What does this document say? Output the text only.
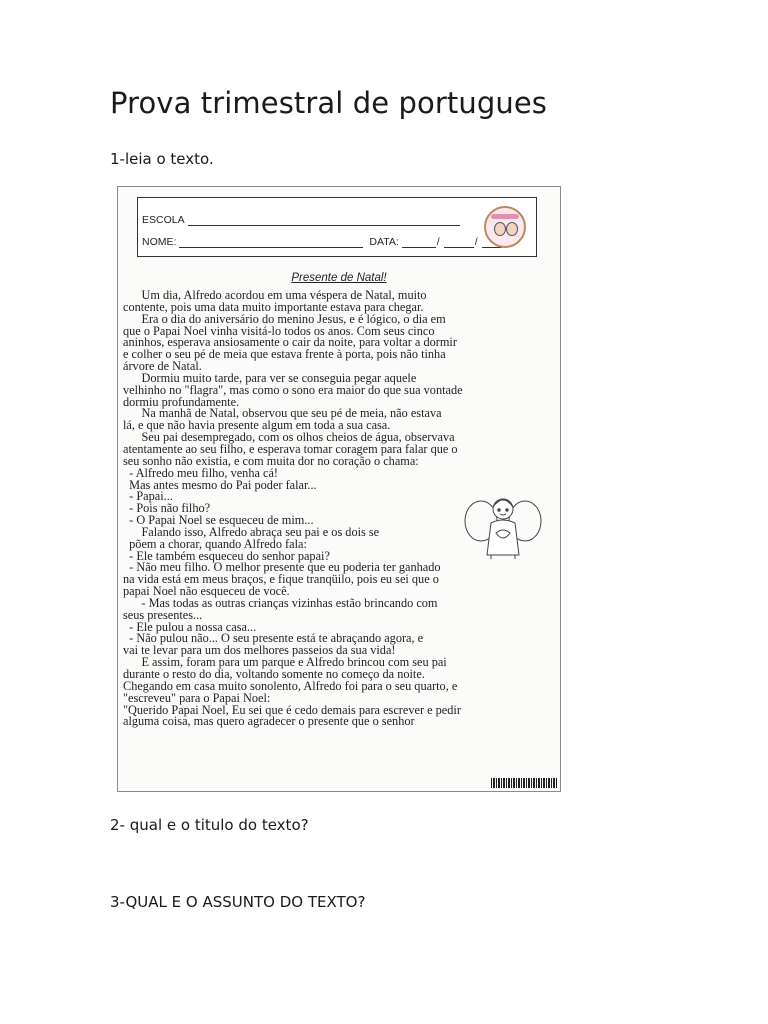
Prova trimestral de portugues

1-leia o texto.

ESCOLA
NOME:	DATA:	/	/
Presente de Natal!
Um dia, Alfredo acordou em uma véspera de Natal, muito
contente, pois uma data muito importante estava para chegar.
Era o dia do aniversário do menino Jesus, e é lógico, o dia em
que o Papai Noel vinha visitá-lo todos os anos. Com seus cinco
aninhos, esperava ansiosamente o cair da noite, para voltar a dormir
e colher o seu pé de meia que estava frente à porta, pois não tinha
árvore de Natal.
Dormiu muito tarde, para ver se conseguia pegar aquele
velhinho no "flagra", mas como o sono era maior do que sua vontade
dormiu profundamente.
Na manhã de Natal, observou que seu pé de meia, não estava
lá, e que não havia presente algum em toda a sua casa.
Seu pai desempregado, com os olhos cheios de água, observava
atentamente ao seu filho, e esperava tomar coragem para falar que o
seu sonho não existia, e com muita dor no coração o chama:
- Alfredo meu filho, venha cá!
Mas antes mesmo do Pai poder falar...
- Papai...
- Pois não filho?
- O Papai Noel se esqueceu de mim...
Falando isso, Alfredo abraça seu pai e os dois se
põem a chorar, quando Alfredo fala:
- Ele também esqueceu do senhor papai?
- Não meu filho. O melhor presente que eu poderia ter ganhado
na vida está em meus braços, e fique tranqüilo, pois eu sei que o
papai Noel não esqueceu de você.
- Mas todas as outras crianças vizinhas estão brincando com
seus presentes...
- Ele pulou a nossa casa...
- Não pulou não... O seu presente está te abraçando agora, e
vai te levar para um dos melhores passeios da sua vida!
E assim, foram para um parque e Alfredo brincou com seu pai
durante o resto do dia, voltando somente no começo da noite.
Chegando em casa muito sonolento, Alfredo foi para o seu quarto, e
"escreveu" para o Papai Noel:
"Querido Papai Noel, Eu sei que é cedo demais para escrever e pedir
alguma coisa, mas quero agradecer o presente que o senhor

2- qual e o titulo do texto?

3-QUAL E O ASSUNTO DO TEXTO?
